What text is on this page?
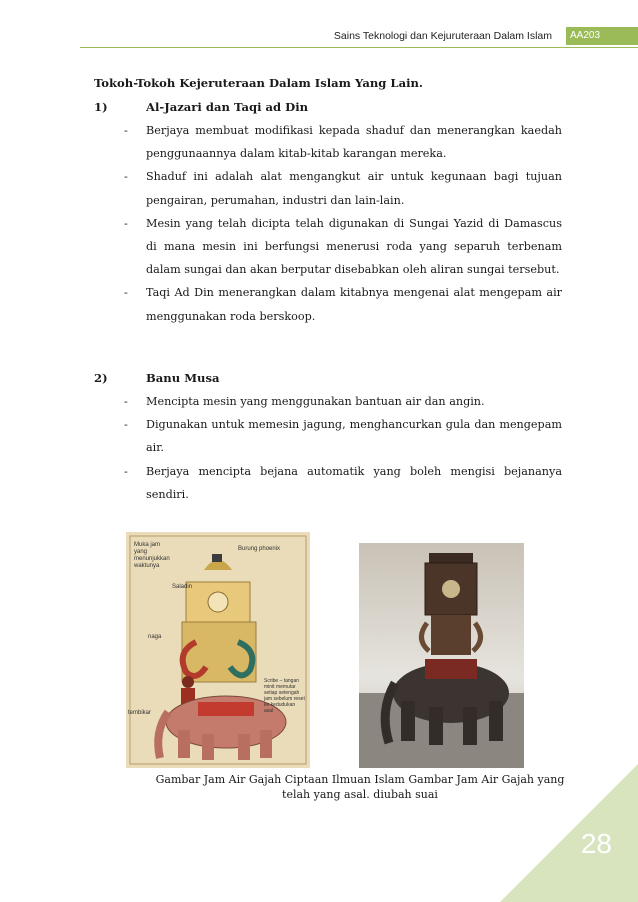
Sains Teknologi dan Kejuruteraan Dalam Islam	AA203
Tokoh-Tokoh Kejeruteraan Dalam Islam Yang Lain.
1)	Al-Jazari dan Taqi ad Din
- Berjaya membuat modifikasi kepada shaduf dan menerangkan kaedah penggunaannya dalam kitab-kitab karangan mereka.
- Shaduf ini adalah alat mengangkut air untuk kegunaan bagi tujuan pengairan, perumahan, industri dan lain-lain.
- Mesin yang telah dicipta telah digunakan di Sungai Yazid di Damascus di mana mesin ini berfungsi menerusi roda yang separuh terbenam dalam sungai dan akan berputar disebabkan oleh aliran sungai tersebut.
- Taqi Ad Din menerangkan dalam kitabnya mengenai alat mengepam air menggunakan roda berskoop.
2)	Banu Musa
- Mencipta mesin yang menggunakan bantuan air dan angin.
- Digunakan untuk memesin jagung, menghancurkan gula dan mengepam air.
- Berjaya mencipta bejana automatik yang boleh mengisi bejananya sendiri.
Muka jam yang menunjukkan waktunya
Burung phoenix
Saladin
naga
Scribe – tangan minit memutar setiap setengah jam sebelum reset ke kedudukan asal
tembikar
Gambar Jam Air Gajah Ciptaan Ilmuan Islam Gambar Jam Air Gajah yang telah yang asal. diubah suai
28
